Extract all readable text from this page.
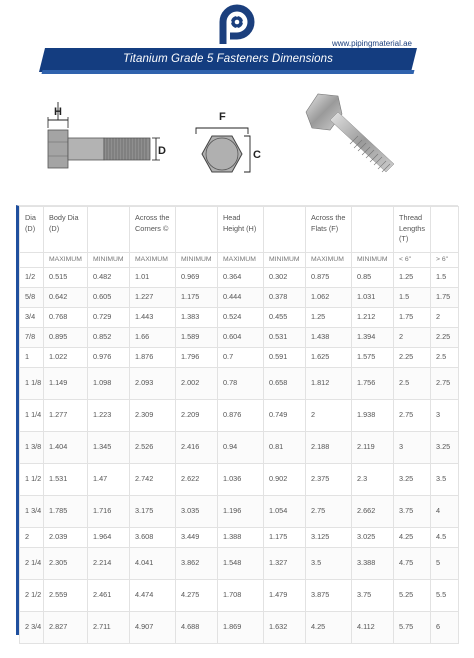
www.pipingmaterial.ae
Titanium Grade 5 Fasteners Dimensions
H
D
F
C
Dia (D)	Body Dia (D)		Across the Corners ©		Head Height (H)		Across the Flats (F)		Thread Lengths (T)	
	MAXIMUM	MINIMUM	MAXIMUM	MINIMUM	MAXIMUM	MINIMUM	MAXIMUM	MINIMUM	< 6"	> 6"
1/2	0.515	0.482	1.01	0.969	0.364	0.302	0.875	0.85	1.25	1.5
5/8	0.642	0.605	1.227	1.175	0.444	0.378	1.062	1.031	1.5	1.75
3/4	0.768	0.729	1.443	1.383	0.524	0.455	1.25	1.212	1.75	2
7/8	0.895	0.852	1.66	1.589	0.604	0.531	1.438	1.394	2	2.25
1	1.022	0.976	1.876	1.796	0.7	0.591	1.625	1.575	2.25	2.5
1 1/8	1.149	1.098	2.093	2.002	0.78	0.658	1.812	1.756	2.5	2.75
1 1/4	1.277	1.223	2.309	2.209	0.876	0.749	2	1.938	2.75	3
1 3/8	1.404	1.345	2.526	2.416	0.94	0.81	2.188	2.119	3	3.25
1 1/2	1.531	1.47	2.742	2.622	1.036	0.902	2.375	2.3	3.25	3.5
1 3/4	1.785	1.716	3.175	3.035	1.196	1.054	2.75	2.662	3.75	4
2	2.039	1.964	3.608	3.449	1.388	1.175	3.125	3.025	4.25	4.5
2 1/4	2.305	2.214	4.041	3.862	1.548	1.327	3.5	3.388	4.75	5
2 1/2	2.559	2.461	4.474	4.275	1.708	1.479	3.875	3.75	5.25	5.5
2 3/4	2.827	2.711	4.907	4.688	1.869	1.632	4.25	4.112	5.75	6
